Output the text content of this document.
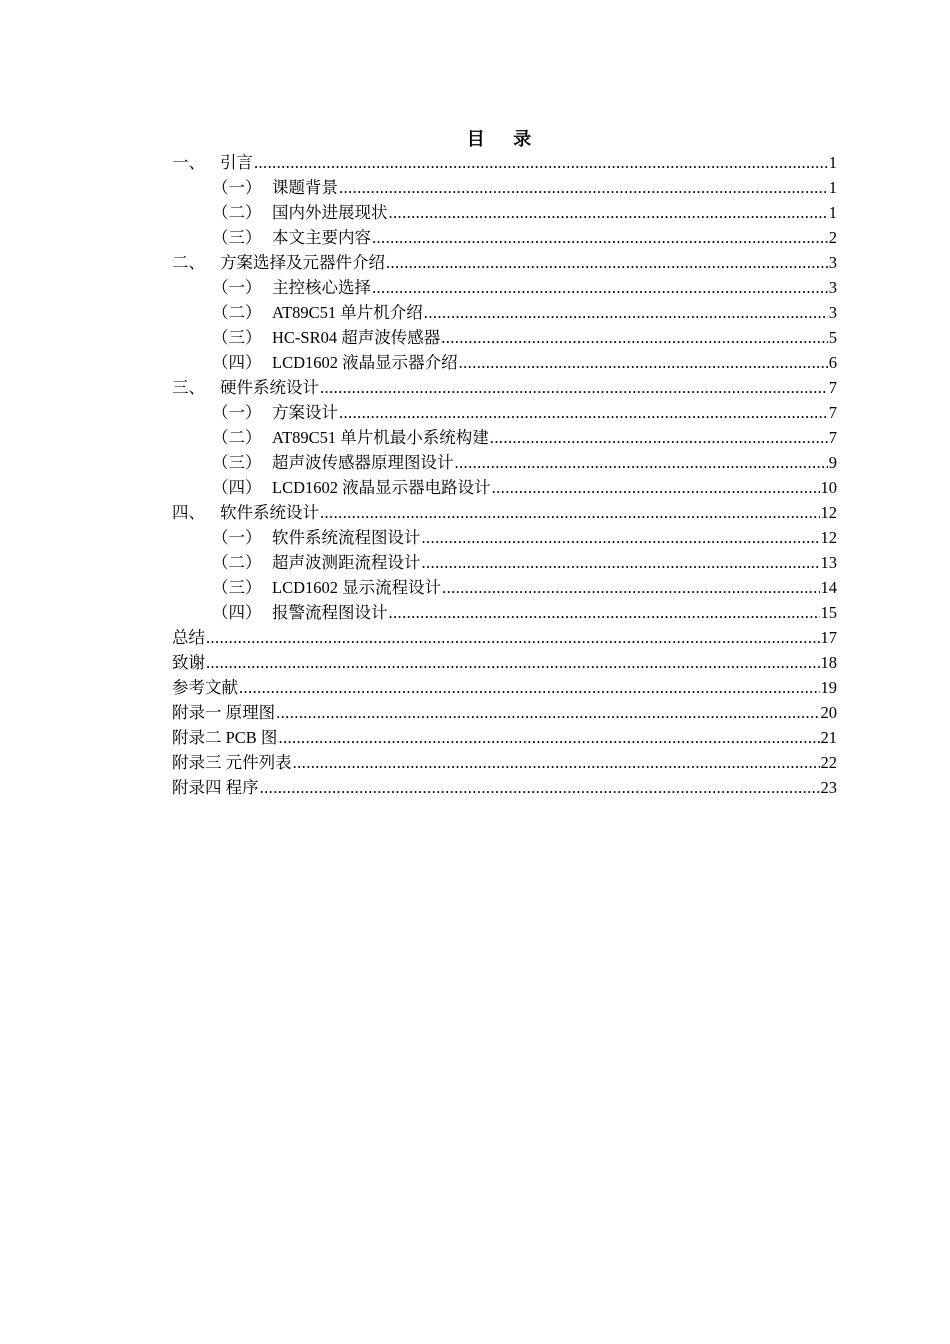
目 录
一、 引言 .....	1
（一） 课题背景 .....	1
（二） 国内外进展现状 .....	1
（三） 本文主要内容 .....	2
二、 方案选择及元器件介绍 .....	3
（一） 主控核心选择 .....	3
（二） AT89C51 单片机介绍 .....	3
（三） HC-SR04 超声波传感器 .....	5
（四） LCD1602 液晶显示器介绍 .....	6
三、 硬件系统设计 .....	7
（一） 方案设计 .....	7
（二） AT89C51 单片机最小系统构建 .....	7
（三） 超声波传感器原理图设计 .....	9
（四） LCD1602 液晶显示器电路设计 .....	10
四、 软件系统设计 .....	12
（一） 软件系统流程图设计 .....	12
（二） 超声波测距流程设计 .....	13
（三） LCD1602 显示流程设计 .....	14
（四） 报警流程图设计 .....	15
总结 .....	17
致谢 .....	18
参考文献 .....	19
附录一 原理图 .....	20
附录二 PCB 图 .....	21
附录三 元件列表 .....	22
附录四 程序 .....	23
